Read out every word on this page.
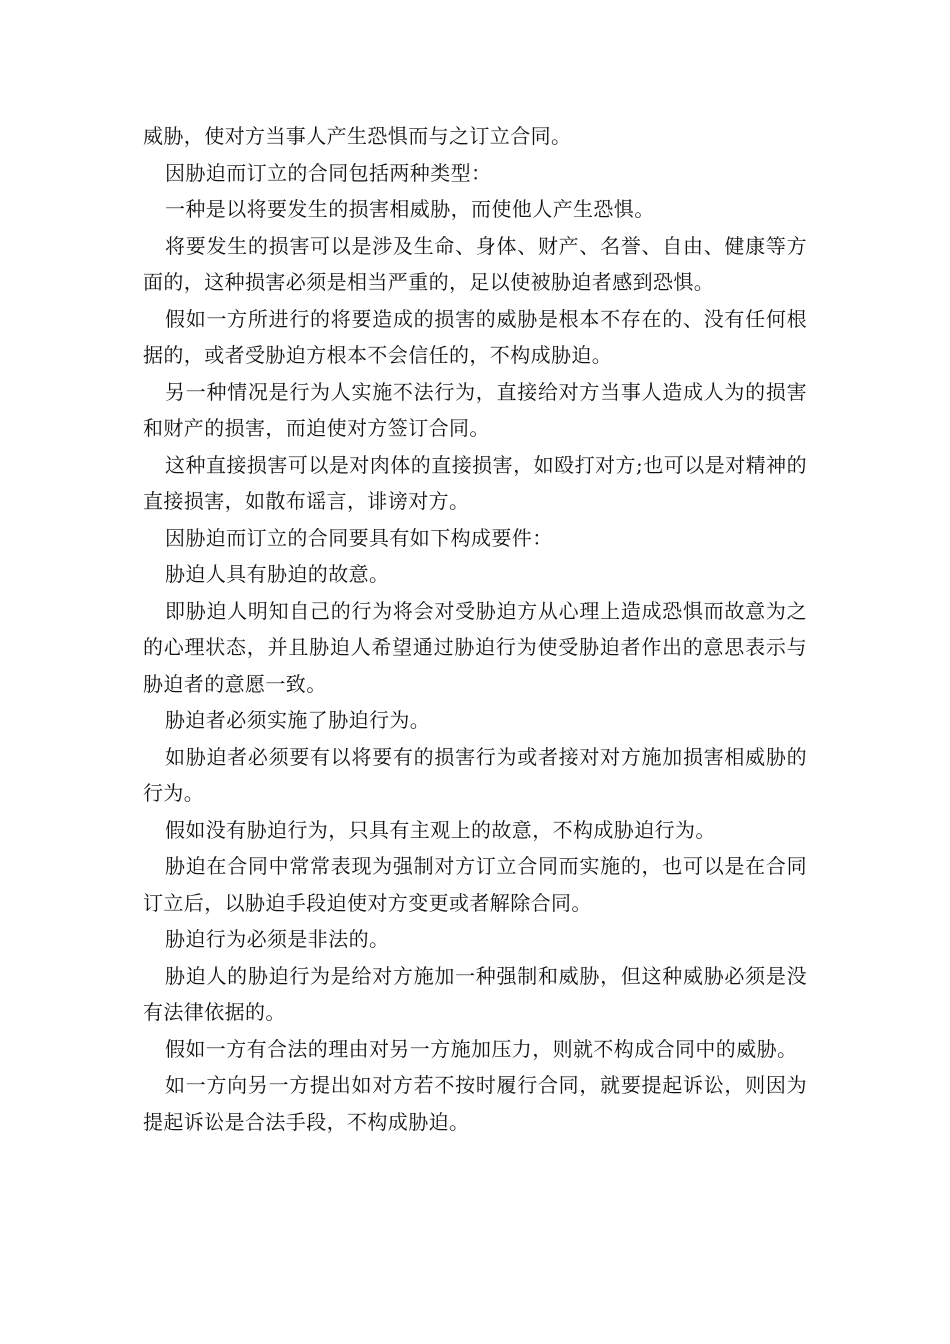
威胁，使对方当事人产生恐惧而与之订立合同。

因胁迫而订立的合同包括两种类型：

一种是以将要发生的损害相威胁，而使他人产生恐惧。

将要发生的损害可以是涉及生命、身体、财产、名誉、自由、健康等方面的，这种损害必须是相当严重的，足以使被胁迫者感到恐惧。

假如一方所进行的将要造成的损害的威胁是根本不存在的、没有任何根据的，或者受胁迫方根本不会信任的，不构成胁迫。

另一种情况是行为人实施不法行为，直接给对方当事人造成人为的损害和财产的损害，而迫使对方签订合同。

这种直接损害可以是对肉体的直接损害，如殴打对方;也可以是对精神的直接损害，如散布谣言，诽谤对方。

因胁迫而订立的合同要具有如下构成要件：

胁迫人具有胁迫的故意。

即胁迫人明知自己的行为将会对受胁迫方从心理上造成恐惧而故意为之的心理状态，并且胁迫人希望通过胁迫行为使受胁迫者作出的意思表示与胁迫者的意愿一致。

胁迫者必须实施了胁迫行为。

如胁迫者必须要有以将要有的损害行为或者接对对方施加损害相威胁的行为。

假如没有胁迫行为，只具有主观上的故意，不构成胁迫行为。

胁迫在合同中常常表现为强制对方订立合同而实施的，也可以是在合同订立后，以胁迫手段迫使对方变更或者解除合同。

胁迫行为必须是非法的。

胁迫人的胁迫行为是给对方施加一种强制和威胁，但这种威胁必须是没有法律依据的。

假如一方有合法的理由对另一方施加压力，则就不构成合同中的威胁。

如一方向另一方提出如对方若不按时履行合同，就要提起诉讼，则因为提起诉讼是合法手段，不构成胁迫。
